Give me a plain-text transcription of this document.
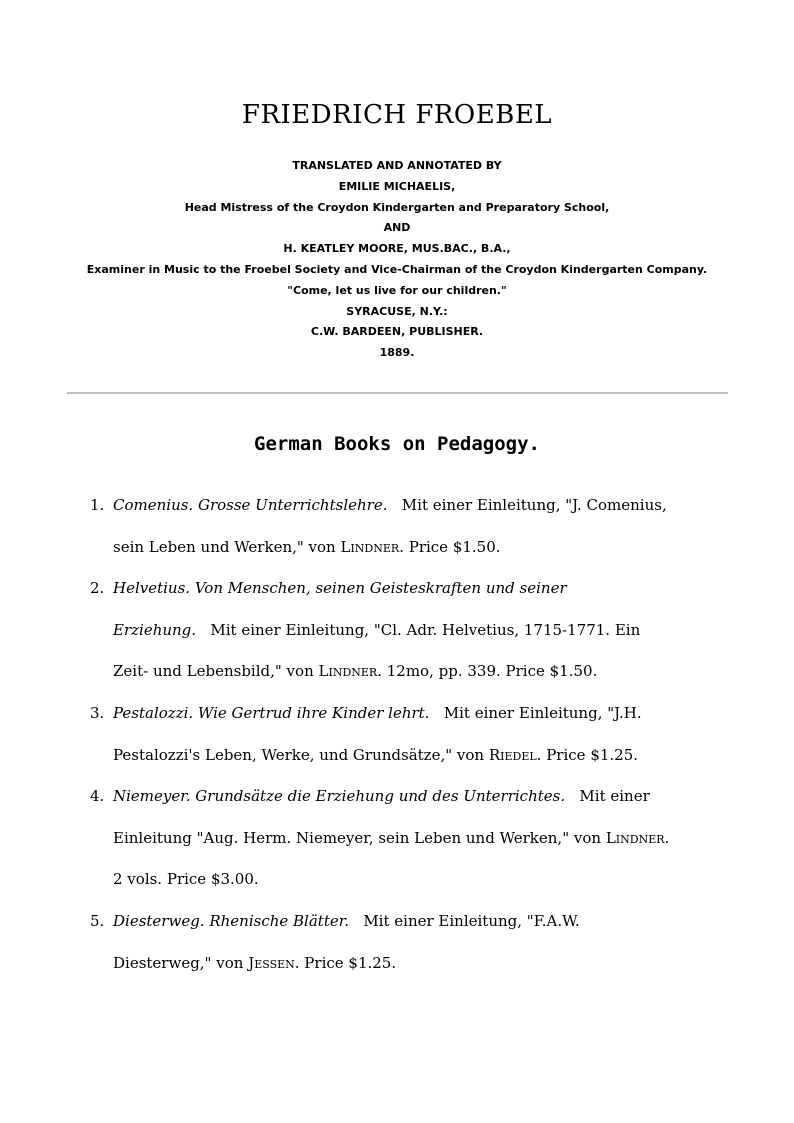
FRIEDRICH FROEBEL
TRANSLATED AND ANNOTATED BY
EMILIE MICHAELIS,
Head Mistress of the Croydon Kindergarten and Preparatory School,
AND
H. KEATLEY MOORE, MUS.BAC., B.A.,
Examiner in Music to the Froebel Society and Vice-Chairman of the Croydon Kindergarten Company.
"Come, let us live for our children."
SYRACUSE, N.Y.:
C.W. BARDEEN, PUBLISHER.
1889.
German Books on Pedagogy.
1. Comenius. Grosse Unterrichtslehre. Mit einer Einleitung, "J. Comenius,
sein Leben und Werken," von Lindner. Price $1.50.
2. Helvetius. Von Menschen, seinen Geisteskraften und seiner
Erziehung. Mit einer Einleitung, "Cl. Adr. Helvetius, 1715-1771. Ein
Zeit- und Lebensbild," von Lindner. 12mo, pp. 339. Price $1.50.
3. Pestalozzi. Wie Gertrud ihre Kinder lehrt. Mit einer Einleitung, "J.H.
Pestalozzi's Leben, Werke, und Grundsätze," von Riedel. Price $1.25.
4. Niemeyer. Grundsätze die Erziehung und des Unterrichtes. Mit einer
Einleitung "Aug. Herm. Niemeyer, sein Leben und Werken," von Lindner.
2 vols. Price $3.00.
5. Diesterweg. Rhenische Blätter. Mit einer Einleitung, "F.A.W.
Diesterweg," von Jessen. Price $1.25.
